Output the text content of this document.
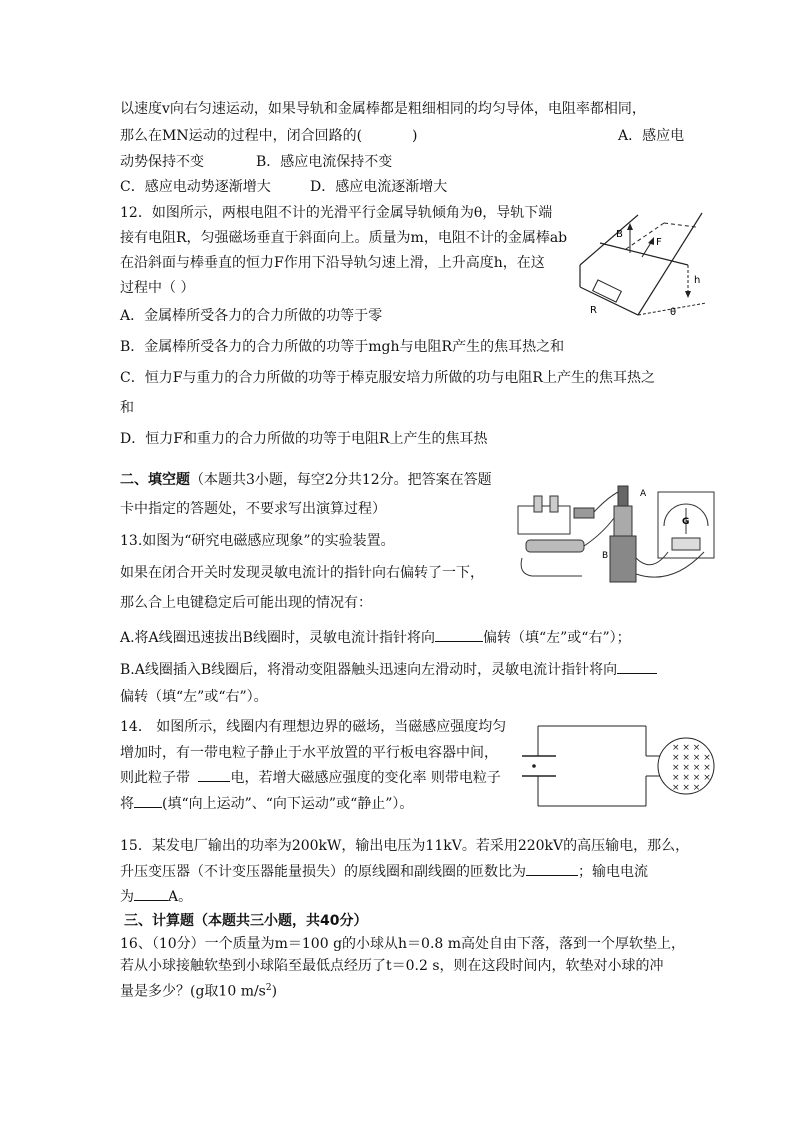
以速度v向右匀速运动，如果导轨和金属棒都是粗细相同的均匀导体，电阻率都相同，
那么在MN运动的过程中，闭合回路的(	)	A．感应电
动势保持不变	B．感应电流保持不变
C．感应电动势逐渐增大	D．感应电流逐渐增大
12．如图所示，两根电阻不计的光滑平行金属导轨倾角为θ，导轨下端
接有电阻R，匀强磁场垂直于斜面向上。质量为m，电阻不计的金属棒ab
在沿斜面与棒垂直的恒力F作用下沿导轨匀速上滑，上升高度h，在这
过程中（ ）
B
F
h
R	θ
A．金属棒所受各力的合力所做的功等于零
B．金属棒所受各力的合力所做的功等于mgh与电阻R产生的焦耳热之和
C．恒力F与重力的合力所做的功等于棒克服安培力所做的功与电阻R上产生的焦耳热之
和
D．恒力F和重力的合力所做的功等于电阻R上产生的焦耳热
二、填空题（本题共3小题，每空2分共12分。把答案在答题
卡中指定的答题处，不要求写出演算过程）
13.如图为“研究电磁感应现象”的实验装置。
如果在闭合开关时发现灵敏电流计的指针向右偏转了一下，
那么合上电键稳定后可能出现的情况有：
A
B
G
A.将A线圈迅速拔出B线圈时，灵敏电流计指针将向	偏转（填“左”或“右”）；
B.A线圈插入B线圈后，将滑动变阻器触头迅速向左滑动时，灵敏电流计指针将向
偏转（填“左”或“右”）。
14． 如图所示，线圈内有理想边界的磁场，当磁感应强度均匀
增加时，有一带电粒子静止于水平放置的平行板电容器中间，
则此粒子带	电，若增大磁感应强度的变化率 则带电粒子
将 (填“向上运动”、“向下运动”或“静止”）。
× × ×
× × × ×
× × × ×
× × × ×
× × ×
15．某发电厂输出的功率为200kW，输出电压为11kV。若采用220kV的高压输电，那么，
升压变压器（不计变压器能量损失）的原线圈和副线圈的匝数比为	；输电电流
为 A。
三、计算题（本题共三小题，共40分）
16、（10分）一个质量为m＝100 g的小球从h＝0.8 m高处自由下落，落到一个厚软垫上，
若从小球接触软垫到小球陷至最低点经历了t＝0.2 s，则在这段时间内，软垫对小球的冲
量是多少？(g取10 $m/s^2$)
